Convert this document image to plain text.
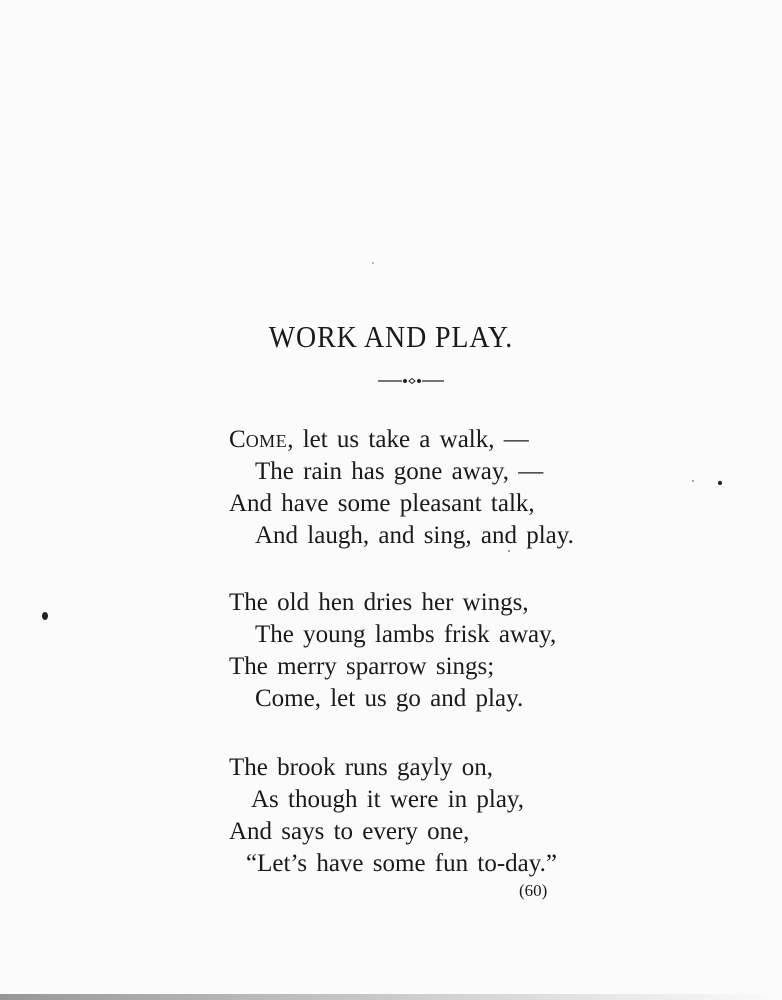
WORK AND PLAY.
COME, let us take a walk, —
The rain has gone away, —
And have some pleasant talk,
And laugh, and sing, and play.
The old hen dries her wings,
The young lambs frisk away,
The merry sparrow sings;
Come, let us go and play.
The brook runs gayly on,
As though it were in play,
And says to every one,
“Let’s have some fun to-day.”
(60)
